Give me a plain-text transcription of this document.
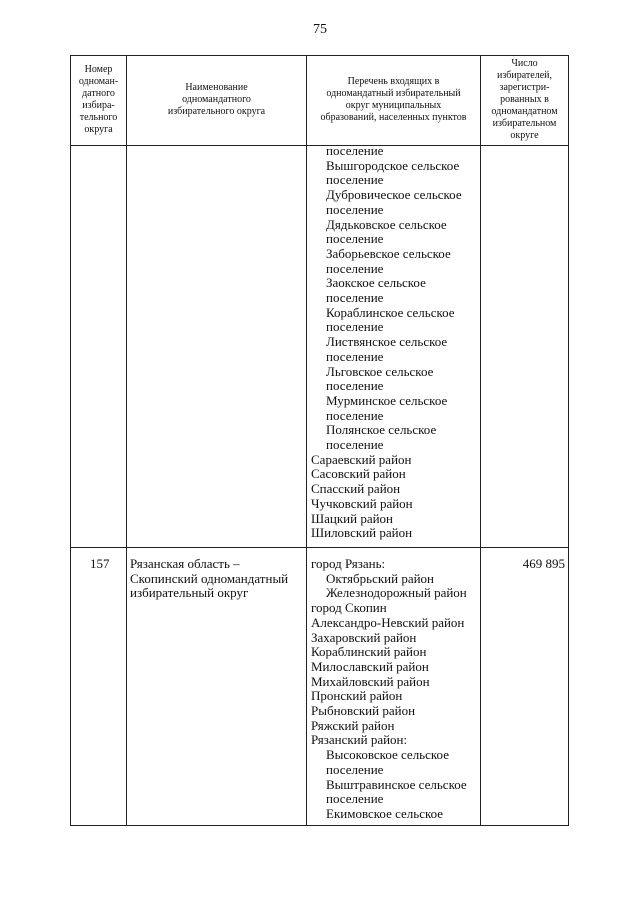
75
Номер
одноман-
датного
избира-
тельного
округа
Наименование
одномандатного
избирательного округа
Перечень входящих в
одномандатный избирательный
округ муниципальных
образований, населенных пунктов
Число
избирателей,
зарегистри-
рованных в
одномандатном
избирательном
округе
поселение
Вышгородское сельское
поселение
Дубровическое сельское
поселение
Дядьковское сельское
поселение
Заборьевское сельское
поселение
Заокское сельское
поселение
Кораблинское сельское
поселение
Листвянское сельское
поселение
Льговское сельское
поселение
Мурминское сельское
поселение
Полянское сельское
поселение
Сараевский район
Сасовский район
Спасский район
Чучковский район
Шацкий район
Шиловский район
157 Рязанская область –
Скопинский одномандатный
избирательный округ
город Рязань:
Октябрьский район
Железнодорожный район
город Скопин
Александро-Невский район
Захаровский район
Кораблинский район
Милославский район
Михайловский район
Пронский район
Рыбновский район
Ряжский район
Рязанский район:
Высоковское сельское
поселение
Выштравинское сельское
поселение
Екимовское сельское
469 895
